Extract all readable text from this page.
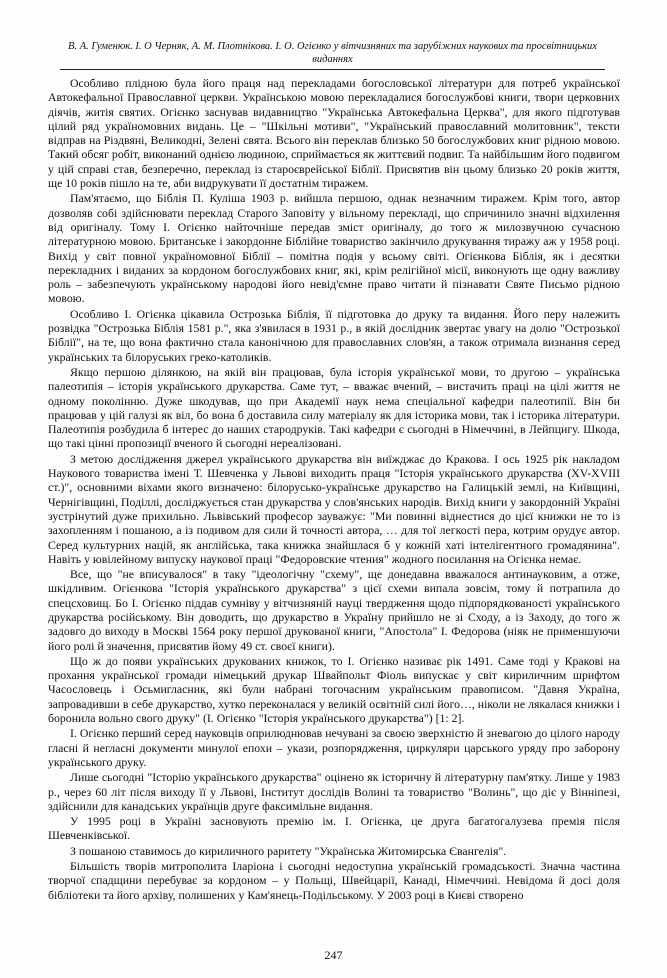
В. А. Гуменюк. І. О Черняк, А. М. Плотнікова. І. О. Огієнко у вітчизняних та зарубіжних наукових та просвітницьких виданнях

Особливо плідною була його праця над перекладами богословської літератури для потреб української Автокефальної Православної церкви. Українською мовою перекладалися богослужбові книги, твори церковних діячів, житія святих. Огієнко заснував видавництво "Українська Автокефальна Церква", для якого підготував цілий ряд україномовних видань. Це – "Шкільні мотиви", "Український православний молитовник", тексти відправ на Різдвяні, Великодні, Зелені свята. Всього він переклав близько 50 богослужбових книг рідною мовою. Такий обсяг робіт, виконаний однією людиною, сприймається як життєвий подвиг. Та найбільшим його подвигом у цій справі став, безперечно, переклад із староєврейської Біблії. Присвятив він цьому близько 20 років життя, ще 10 років пішло на те, аби видрукувати її достатнім тиражем.

Пам'ятаємо, що Біблія П. Куліша 1903 р. вийшла першою, однак незначним тиражем. Крім того, автор дозволяв собі здійснювати переклад Старого Заповіту у вільному перекладі, що спричинило значні відхилення від оригіналу. Тому І. Огієнко найточніше передав зміст оригіналу, до того ж милозвучною сучасною літературною мовою. Британське і закордонне Біблійне товариство закінчило друкування тиражу аж у 1958 році. Вихід у світ повної україномовної Біблії – помітна подія у всьому світі. Огієнкова Біблія, як і десятки перекладних і виданих за кордоном богослужбових книг, які, крім релігійної місії, виконують ще одну важливу роль – забезпечують українському народові його невід'ємне право читати й пізнавати Святе Письмо рідною мовою.

Особливо І. Огієнка цікавила Острозька Біблія, її підготовка до друку та видання. Його перу належить розвідка "Острозька Біблія 1581 р.", яка з'явилася в 1931 р., в якій дослідник звертає увагу на долю "Острозької Біблії", на те, що вона фактично стала канонічною для православних слов'ян, а також отримала визнання серед українських та білоруських греко-католиків.

Якщо першою ділянкою, на якій він працював, була історія української мови, то другою – українська палеотипія – історія українського друкарства. Саме тут, – вважає вчений, – вистачить праці на цілі життя не одному поколінню. Дуже шкодував, що при Академії наук нема спеціальної кафедри палеотипії. Він би працював у цій галузі як віл, бо вона б доставила силу матеріалу як для історика мови, так і історика літератури. Палеотипія розбудила б інтерес до наших стародруків. Такі кафедри є сьогодні в Німеччині, в Лейпцигу. Шкода, що такі цінні пропозиції вченого й сьогодні нереалізовані.

З метою дослідження джерел українського друкарства він виїжджає до Кракова. І ось 1925 рік накладом Наукового товариства імені Т. Шевченка у Львові виходить праця "Історія українського друкарства (XV-XVIII ст.)", основними віхами якого визначено: білорусько-українське друкарство на Галицькій землі, на Київщині, Чернігівщині, Поділлі, досліджується стан друкарства у слов'янських народів. Вихід книги у закордонній Україні зустрінутий дуже прихильно. Львівський професор зауважує: "Ми повинні віднестися до цієї книжки не то із захопленням і пошаною, а із подивом для сили й точності автора, … для тої легкості пера, котрим орудує автор. Серед культурних націй, як англійська, така книжка знайшлася б у кожній хаті інтелігентного громадянина". Навіть у ювілейному випуску наукової праці "Федоровские чтения" жодного посилання на Огієнка немає.

Все, що "не вписувалося" в таку "ідеологічну "схему", ще донедавна вважалося антинауковим, а отже, шкідливим. Огієнкова "Історія українського друкарства" з цієї схеми випала зовсім, тому й потрапила до спецсховищ. Бо І. Огієнко піддав сумніву у вітчизняній науці твердження щодо підпорядкованості українського друкарства російському. Він доводить, що друкарство в Україну прийшло не зі Сходу, а із Заходу, до того ж задовго до виходу в Москві 1564 року першої друкованої книги, "Апостола" І. Федорова (ніяк не применшуючи його ролі й значення, присвятив йому 49 ст. своєї книги).

Що ж до появи українських друкованих книжок, то І. Огієнко називає рік 1491. Саме тоді у Кракові на прохання української громади німецький друкар Швайпольт Фіоль випускає у світ кириличним шрифтом Часословець і Осьмигласник, які були набрані тогочасним українським правописом. "Давня Україна, запровадивши в себе друкарство, хутко переконалася у великій освітній силі його…, ніколи не лякалася книжки і боронила вольно свого друку" (І. Огієнко "Історія українського друкарства") [1: 2].

І. Огієнко перший серед науковців оприлюднював нечувані за своєю зверхністю й зневагою до цілого народу гласні й негласні документи минулої епохи – укази, розпорядження, циркуляри царського уряду про заборону українського друку.

Лише сьогодні "Історію українського друкарства" оцінено як історичну й літературну пам'ятку. Лише у 1983 р., через 60 літ після виходу її у Львові, Інститут дослідів Волині та товариство "Волинь", що діє у Вінніпезі, здійснили для канадських українців друге факсимільне видання.

У 1995 році в Україні засновують премію ім. І. Огієнка, це друга багатогалузева премія після Шевченківської.

З пошаною ставимось до кириличного раритету "Українська Житомирська Євангелія".

Більшість творів митрополита Іларіона і сьогодні недоступна українській громадськості. Значна частина творчої спадщини перебуває за кордоном – у Польщі, Швейцарії, Канаді, Німеччині. Невідома й досі доля бібліотеки та його архіву, полишених у Кам'янець-Подільському. У 2003 році в Києві створено

247
